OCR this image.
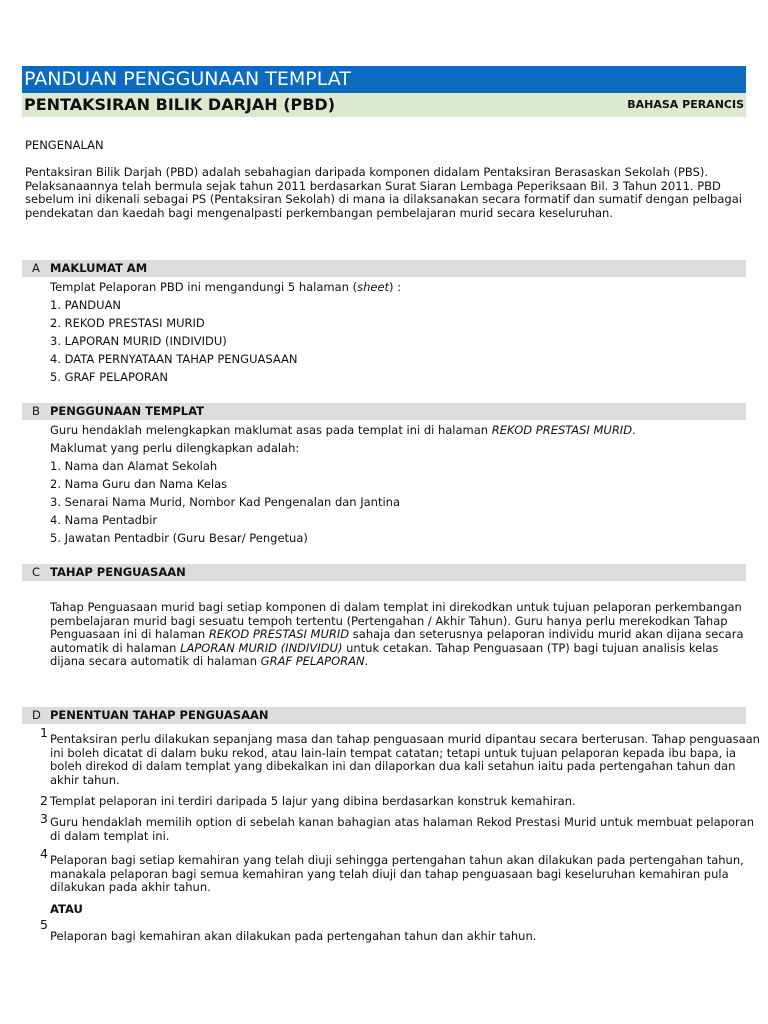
PANDUAN PENGGUNAAN TEMPLAT
PENTAKSIRAN BILIK DARJAH (PBD)	BAHASA PERANCIS
PENGENALAN
Pentaksiran Bilik Darjah (PBD) adalah sebahagian daripada komponen didalam Pentaksiran Berasaskan Sekolah (PBS).
Pelaksanaannya telah bermula sejak tahun 2011 berdasarkan Surat Siaran Lembaga Peperiksaan Bil. 3 Tahun 2011. PBD
sebelum ini dikenali sebagai PS (Pentaksiran Sekolah) di mana ia dilaksanakan secara formatif dan sumatif dengan pelbagai
pendekatan dan kaedah bagi mengenalpasti perkembangan pembelajaran murid secara keseluruhan.
A MAKLUMAT AM
Templat Pelaporan PBD ini mengandungi 5 halaman (sheet) :
1. PANDUAN
2. REKOD PRESTASI MURID
3. LAPORAN MURID (INDIVIDU)
4. DATA PERNYATAAN TAHAP PENGUASAAN
5. GRAF PELAPORAN
B PENGGUNAAN TEMPLAT
Guru hendaklah melengkapkan maklumat asas pada templat ini di halaman REKOD PRESTASI MURID.
Maklumat yang perlu dilengkapkan adalah:
1. Nama dan Alamat Sekolah
2. Nama Guru dan Nama Kelas
3. Senarai Nama Murid, Nombor Kad Pengenalan dan Jantina
4. Nama Pentadbir
5. Jawatan Pentadbir (Guru Besar/ Pengetua)
C TAHAP PENGUASAAN
Tahap Penguasaan murid bagi setiap komponen di dalam templat ini direkodkan untuk tujuan pelaporan perkembangan
pembelajaran murid bagi sesuatu tempoh tertentu (Pertengahan / Akhir Tahun). Guru hanya perlu merekodkan Tahap
Penguasaan ini di halaman REKOD PRESTASI MURID sahaja dan seterusnya pelaporan individu murid akan dijana secara
automatik di halaman LAPORAN MURID (INDIVIDU) untuk cetakan. Tahap Penguasaan (TP) bagi tujuan analisis kelas
dijana secara automatik di halaman GRAF PELAPORAN.
D PENENTUAN TAHAP PENGUASAAN
1 Pentaksiran perlu dilakukan sepanjang masa dan tahap penguasaan murid dipantau secara berterusan. Tahap penguasaan
ini boleh dicatat di dalam buku rekod, atau lain-lain tempat catatan; tetapi untuk tujuan pelaporan kepada ibu bapa, ia
boleh direkod di dalam templat yang dibekalkan ini dan dilaporkan dua kali setahun iaitu pada pertengahan tahun dan
akhir tahun.
2 Templat pelaporan ini terdiri daripada 5 lajur yang dibina berdasarkan konstruk kemahiran.
3 Guru hendaklah memilih option di sebelah kanan bahagian atas halaman Rekod Prestasi Murid untuk membuat pelaporan
di dalam templat ini.
4 Pelaporan bagi setiap kemahiran yang telah diuji sehingga pertengahan tahun akan dilakukan pada pertengahan tahun,
manakala pelaporan bagi semua kemahiran yang telah diuji dan tahap penguasaan bagi keseluruhan kemahiran pula
dilakukan pada akhir tahun.
ATAU
5
Pelaporan bagi kemahiran akan dilakukan pada pertengahan tahun dan akhir tahun.
